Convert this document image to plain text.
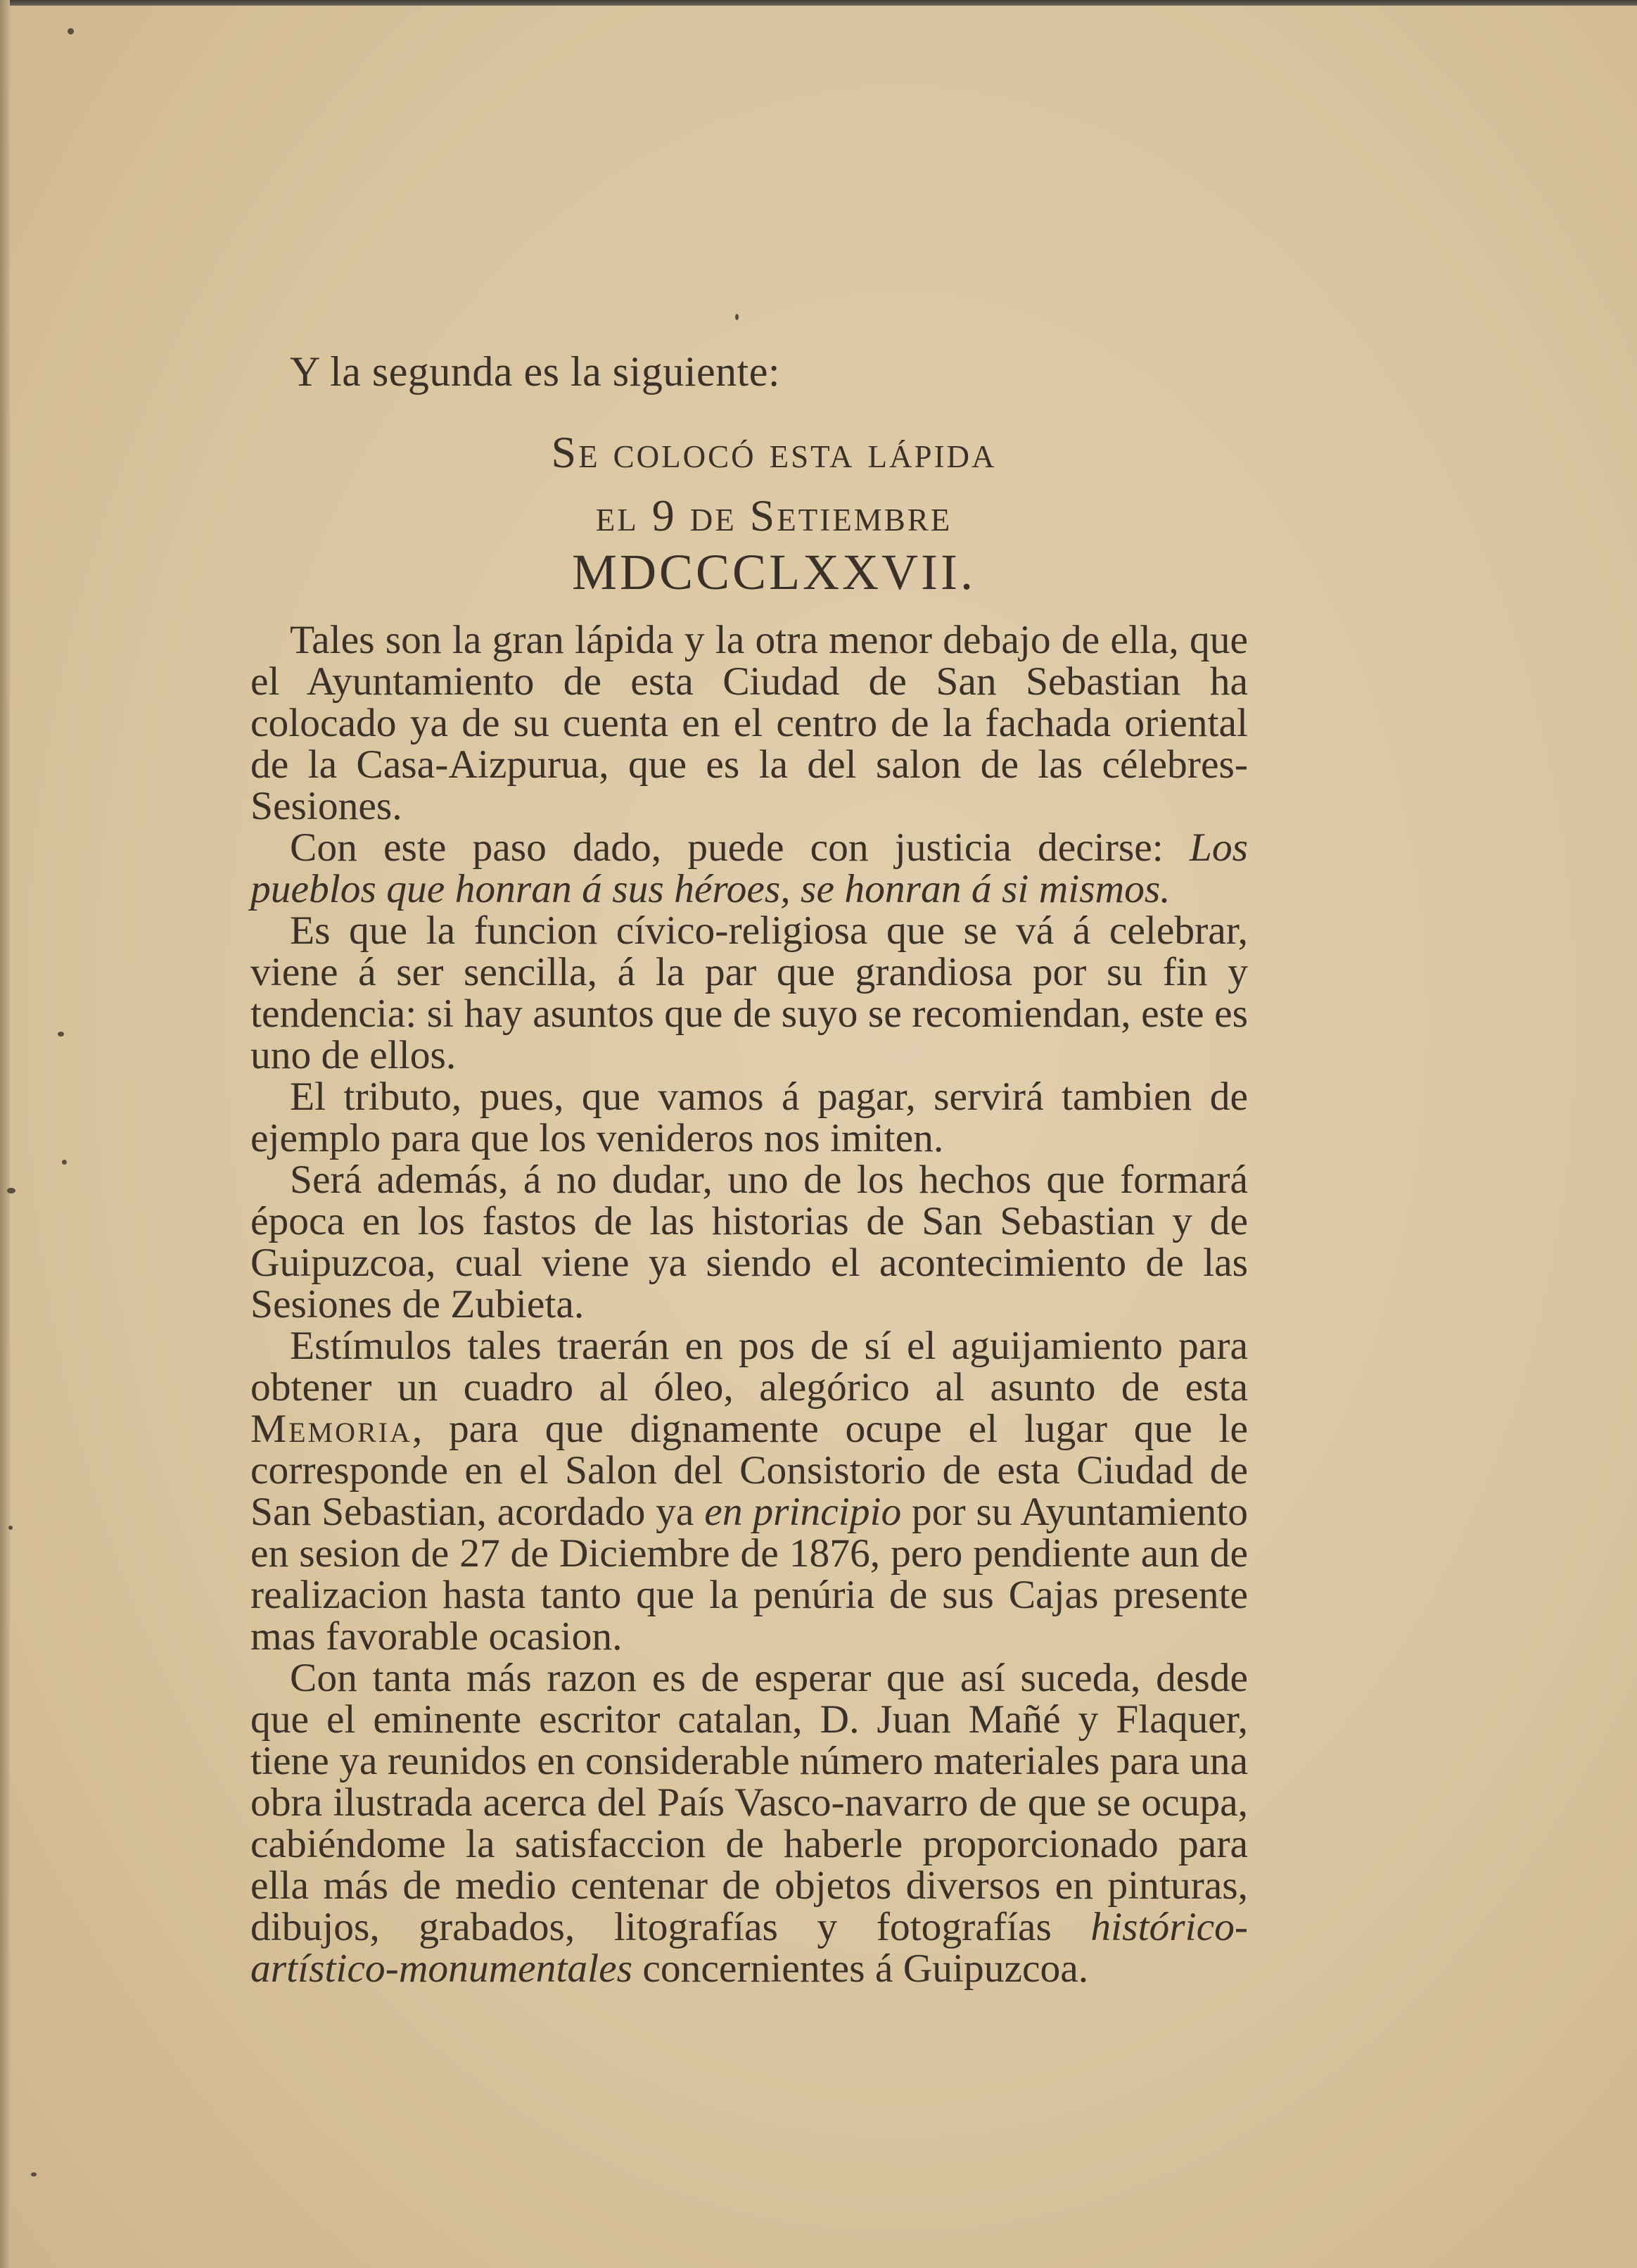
Y la segunda es la siguiente:
Se colocó esta lápida
el 9 de Setiembre
MDCCCLXXVII.

Tales son la gran lápida y la otra menor debajo de ella, que el Ayuntamiento de esta Ciudad de San Sebastian ha colocado ya de su cuenta en el centro de la fachada oriental de la Casa-Aizpurua, que es la del salon de las célebres-Sesiones.

Con este paso dado, puede con justicia decirse: Los pueblos que honran á sus héroes, se honran á si mismos.

Es que la funcion cívico-religiosa que se vá á celebrar, viene á ser sencilla, á la par que grandiosa por su fin y tendencia: si hay asuntos que de suyo se recomiendan, este es uno de ellos.

El tributo, pues, que vamos á pagar, servirá tambien de ejemplo para que los venideros nos imiten.

Será además, á no dudar, uno de los hechos que formará época en los fastos de las historias de San Sebastian y de Guipuzcoa, cual viene ya siendo el acontecimiento de las Sesiones de Zubieta.

Estímulos tales traerán en pos de sí el aguijamiento para obtener un cuadro al óleo, alegórico al asunto de esta Memoria, para que dignamente ocupe el lugar que le corresponde en el Salon del Consistorio de esta Ciudad de San Sebastian, acordado ya en principio por su Ayuntamiento en sesion de 27 de Diciembre de 1876, pero pendiente aun de realizacion hasta tanto que la penúria de sus Cajas presente mas favorable ocasion.

Con tanta más razon es de esperar que así suceda, desde que el eminente escritor catalan, D. Juan Mañé y Flaquer, tiene ya reunidos en considerable número materiales para una obra ilustrada acerca del País Vasco-navarro de que se ocupa, cabiéndome la satisfaccion de haberle proporcionado para ella más de medio centenar de objetos diversos en pinturas, dibujos, grabados, litografías y fotografías histórico-artístico-monumentales concernientes á Guipuzcoa.
